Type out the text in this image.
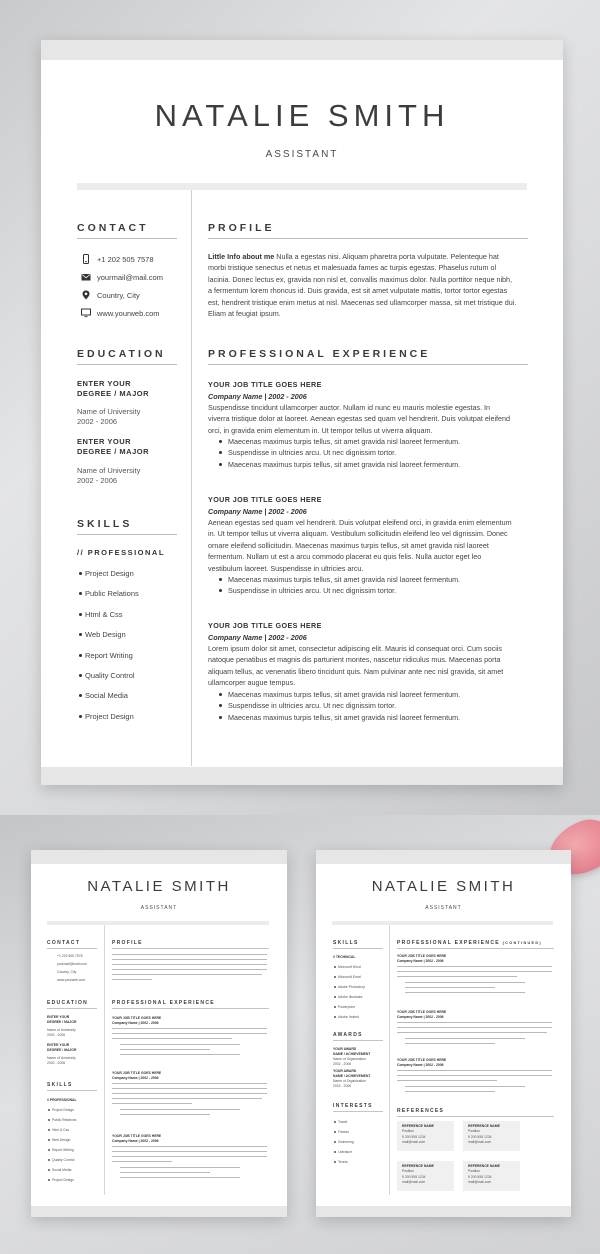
NATALIE SMITH
ASSISTANT
CONTACT
+1 202 505 7578
yourmail@mail.com
Country, City
www.yourweb.com
EDUCATION
ENTER YOUR
DEGREE / MAJOR
Name of University
2002 - 2006
ENTER YOUR
DEGREE / MAJOR
Name of University
2002 - 2006
SKILLS
// PROFESSIONAL
Project Design
Public Relations
Html & Css
Web Design
Report Writing
Quality Control
Social Media
Project Design
PROFILE
Little Info about me Nulla a egestas nisi. Aliquam pharetra porta vulputate. Pelenteque hat
morbi tristique senectus et netus et malesuada fames ac turpis egestas. Phaselus rutum ol
lacinia. Donec lectus ex, gravida non nisl et, convallis maximus dolor. Nulla porttitor neque nibh,
a fermentum lorem rhoncus id. Duis gravida, est sit amet vulputate mattis, tortor tortor egestas
est, hendrerit tristique enim metus at nisl. Maecenas sed ullamcorper massa, sit met tristique dui.
Eliam at feugiat ipsum.
PROFESSIONAL EXPERIENCE
YOUR JOB TITLE GOES HERE
Company Name | 2002 - 2006
Suspendisse tincidunt ullamcorper auctor. Nullam id nunc eu mauris molestie egestas. In
viverra tristique dolor at laoreet. Aenean egestas sed quam vel hendrerit. Duis volutpat eleifend
orci, in gravida enim elementum in. Ut tempor tellus ut viverra aliquam.
Maecenas maximus turpis tellus, sit amet gravida nisl laoreet fermentum.
Suspendisse in ultricies arcu. Ut nec dignissim tortor.
Maecenas maximus turpis tellus, sit amet gravida nisl laoreet fermentum.
YOUR JOB TITLE GOES HERE
Company Name | 2002 - 2006
Aenean egestas sed quam vel hendrerit. Duis volutpat eleifend orci, in gravida enim elementum
in. Ut tempor tellus ut viverra aliquam. Vestibulum sollicitudin eleifend leo vel dignissim. Donec
ornare eleifend sollicitudin. Maecenas maximus turpis tellus, sit amet gravida nisl laoreet
fermentum. Nullam ut est a arcu commodo placerat eu quis felis. Nulla auctor eget leo
vestibulum laoreet. Suspendisse in ultricies arcu.
Maecenas maximus turpis tellus, sit amet gravida nisl laoreet fermentum.
Suspendisse in ultricies arcu. Ut nec dignissim tortor.
YOUR JOB TITLE GOES HERE
Company Name | 2002 - 2006
Lorem ipsum dolor sit amet, consectetur adipiscing elit. Mauris id consequat orci. Cum sociis
natoque penatibus et magnis dis parturient montes, nascetur ridiculus mus. Maecenas porta
aliquam tellus, ac venenatis libero tincidunt quis. Nam pulvinar ante nec nisl gravida, sit amet
ullamcorper augue tempus.
Maecenas maximus turpis tellus, sit amet gravida nisl laoreet fermentum.
Suspendisse in ultricies arcu. Ut nec dignissim tortor.
Maecenas maximus turpis tellus, sit amet gravida nisl laoreet fermentum.
NATALIE SMITH
ASSISTANT
CONTACT
+1 202 505 7578
yourmail@mail.com
Country, City
www.yourweb.com
EDUCATION
ENTER YOUR
DEGREE / MAJOR
Name of University
2002 - 2006
ENTER YOUR
DEGREE / MAJOR
Name of University
2002 - 2006
SKILLS
// PROFESSIONAL
Project Design
Public Relations
Html & Css
Web Design
Report Writing
Quality Control
Social Media
Project Design
PROFILE
PROFESSIONAL EXPERIENCE
YOUR JOB TITLE GOES HERE
Company Name | 2002 - 2006
YOUR JOB TITLE GOES HERE
Company Name | 2002 - 2006
YOUR JOB TITLE GOES HERE
Company Name | 2002 - 2006
NATALIE SMITH
ASSISTANT
SKILLS
// TECHNICAL
Microsoft Word
Microsoft Excel
Adobe Photoshop
Adobe Illustrator
Powerpoint
Adobe Indesit
AWARDS
YOUR AWARD
NAME / ACHIEVEMENT
Name of Organization
2002 - 2006
YOUR AWARD
NAME / ACHIEVEMENT
Name of Organization
2002 - 2006
INTERESTS
Travel
Fitness
Swimming
Literature
Tennis
PROFESSIONAL EXPERIENCE (CONTINUED)
YOUR JOB TITLE GOES HERE
Company Name | 2002 - 2006
YOUR JOB TITLE GOES HERE
Company Name | 2002 - 2006
YOUR JOB TITLE GOES HERE
Company Name | 2002 - 2006
REFERENCES
REFERENCE NAME
Position
9 200 555 1234
mail@mail.com
REFERENCE NAME
Position
9 200 555 1234
mail@mail.com
REFERENCE NAME
Position
9 200 555 1234
mail@mail.com
REFERENCE NAME
Position
9 200 555 1234
mail@mail.com
